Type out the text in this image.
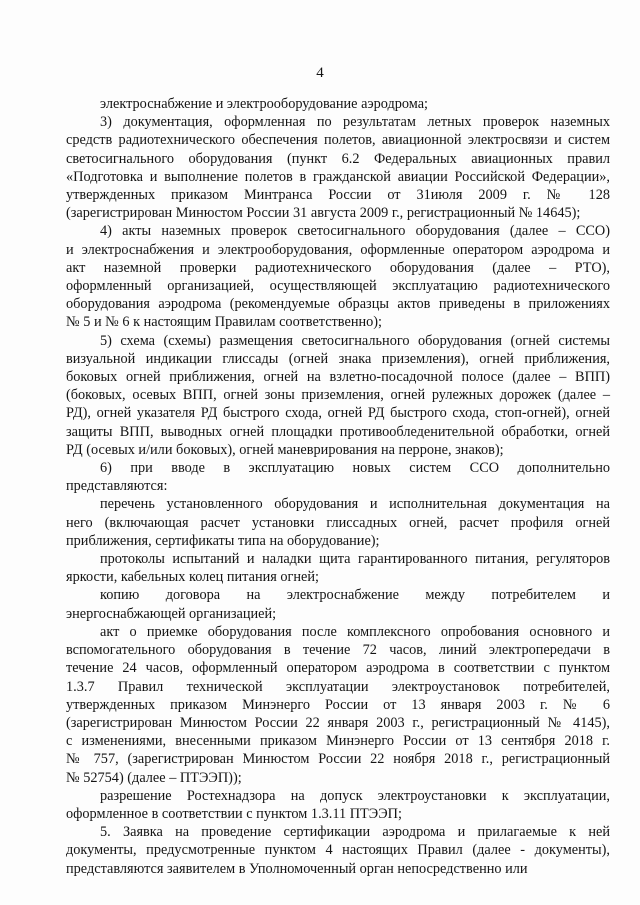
4

электроснабжение и электрооборудование аэродрома;

3) документация, оформленная по результатам летных проверок наземных
средств радиотехнического обеспечения полетов, авиационной электросвязи и систем
светосигнального оборудования (пункт 6.2 Федеральных авиационных правил
«Подготовка и выполнение полетов в гражданской авиации Российской Федерации»,
утвержденных приказом Минтранса России от 31июля 2009 г. № 128
(зарегистрирован Минюстом России 31 августа 2009 г., регистрационный № 14645);

4) акты наземных проверок светосигнального оборудования (далее – ССО)
и электроснабжения и электрооборудования, оформленные оператором аэродрома и
акт наземной проверки радиотехнического оборудования (далее – РТО),
оформленный организацией, осуществляющей эксплуатацию радиотехнического
оборудования аэродрома (рекомендуемые образцы актов приведены в приложениях
№ 5 и № 6 к настоящим Правилам соответственно);

5) схема (схемы) размещения светосигнального оборудования (огней системы
визуальной индикации глиссады (огней знака приземления), огней приближения,
боковых огней приближения, огней на взлетно-посадочной полосе (далее – ВПП)
(боковых, осевых ВПП, огней зоны приземления, огней рулежных дорожек (далее –
РД), огней указателя РД быстрого схода, огней РД быстрого схода, стоп-огней), огней
защиты ВПП, выводных огней площадки противообледенительной обработки, огней
РД (осевых и/или боковых), огней маневрирования на перроне, знаков);

6) при вводе в эксплуатацию новых систем ССО дополнительно
представляются:

перечень установленного оборудования и исполнительная документация на
него (включающая расчет установки глиссадных огней, расчет профиля огней
приближения, сертификаты типа на оборудование);

протоколы испытаний и наладки щита гарантированного питания, регуляторов
яркости, кабельных колец питания огней;

копию договора на электроснабжение между потребителем и
энергоснабжающей организацией;

акт о приемке оборудования после комплексного опробования основного и
вспомогательного оборудования в течение 72 часов, линий электропередачи в
течение 24 часов, оформленный оператором аэродрома в соответствии с пунктом
1.3.7 Правил технической эксплуатации электроустановок потребителей,
утвержденных приказом Минэнерго России от 13 января 2003 г. № 6
(зарегистрирован Минюстом России 22 января 2003 г., регистрационный № 4145),
с изменениями, внесенными приказом Минэнерго России от 13 сентября 2018 г.
№ 757, (зарегистрирован Минюстом России 22 ноября 2018 г., регистрационный
№ 52754) (далее – ПТЭЭП));

разрешение Ростехнадзора на допуск электроустановки к эксплуатации,
оформленное в соответствии с пунктом 1.3.11 ПТЭЭП;

5. Заявка на проведение сертификации аэродрома и прилагаемые к ней
документы, предусмотренные пунктом 4 настоящих Правил (далее - документы),
представляются заявителем в Уполномоченный орган непосредственно или
